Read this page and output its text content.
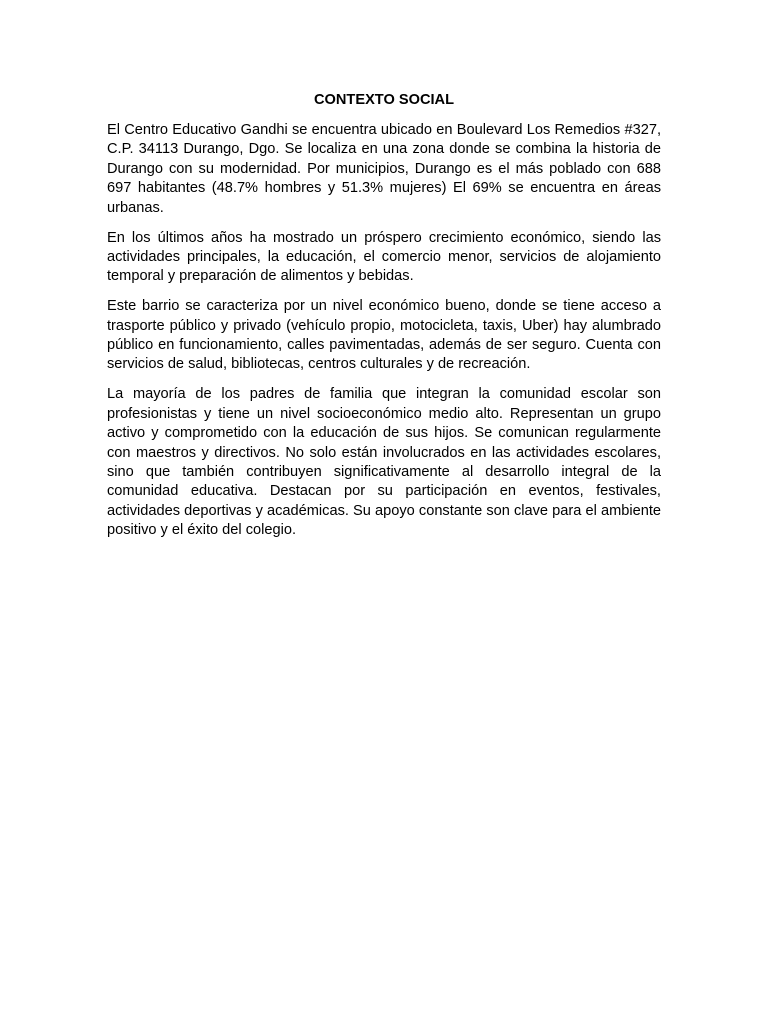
CONTEXTO SOCIAL

El Centro Educativo Gandhi se encuentra ubicado en Boulevard Los Remedios #327, C.P. 34113 Durango, Dgo. Se localiza en una zona donde se combina la historia de Durango con su modernidad. Por municipios, Durango es el más poblado con 688 697 habitantes (48.7% hombres y 51.3% mujeres) El 69% se encuentra en áreas urbanas.

En los últimos años ha mostrado un próspero crecimiento económico, siendo las actividades principales, la educación, el comercio menor, servicios de alojamiento temporal y preparación de alimentos y bebidas.

Este barrio se caracteriza por un nivel económico bueno, donde se tiene acceso a trasporte público y privado (vehículo propio, motocicleta, taxis, Uber) hay alumbrado público en funcionamiento, calles pavimentadas, además de ser seguro. Cuenta con servicios de salud, bibliotecas, centros culturales y de recreación.

La mayoría de los padres de familia que integran la comunidad escolar son profesionistas y tiene un nivel socioeconómico medio alto. Representan un grupo activo y comprometido con la educación de sus hijos. Se comunican regularmente con maestros y directivos. No solo están involucrados en las actividades escolares, sino que también contribuyen significativamente al desarrollo integral de la comunidad educativa. Destacan por su participación en eventos, festivales, actividades deportivas y académicas. Su apoyo constante son clave para el ambiente positivo y el éxito del colegio.
